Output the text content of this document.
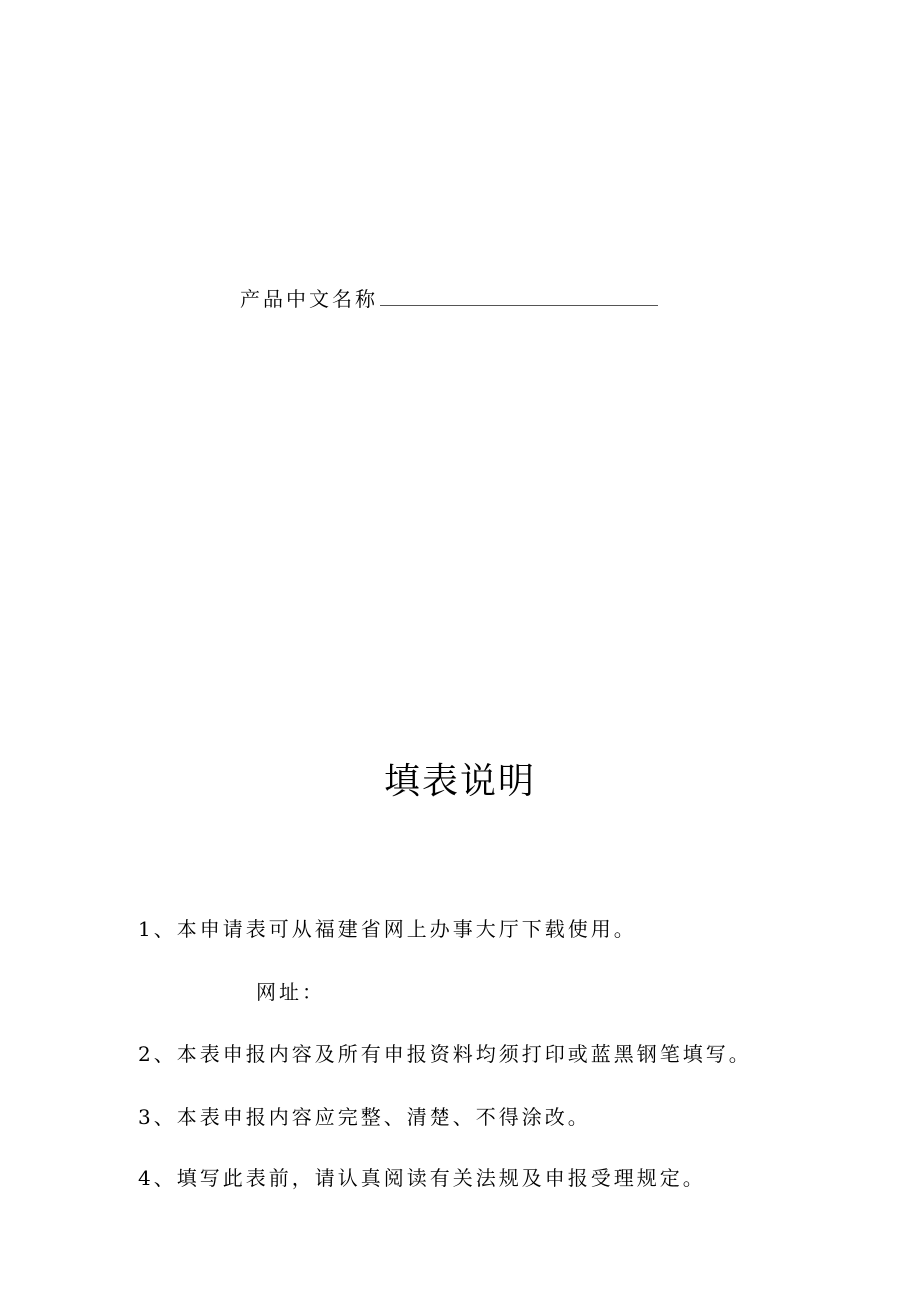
产品中文名称
填表说明
1、本申请表可从福建省网上办事大厅下载使用。
网址：
2、本表申报内容及所有申报资料均须打印或蓝黑钢笔填写。
3、本表申报内容应完整、清楚、不得涂改。
4、填写此表前，请认真阅读有关法规及申报受理规定。
